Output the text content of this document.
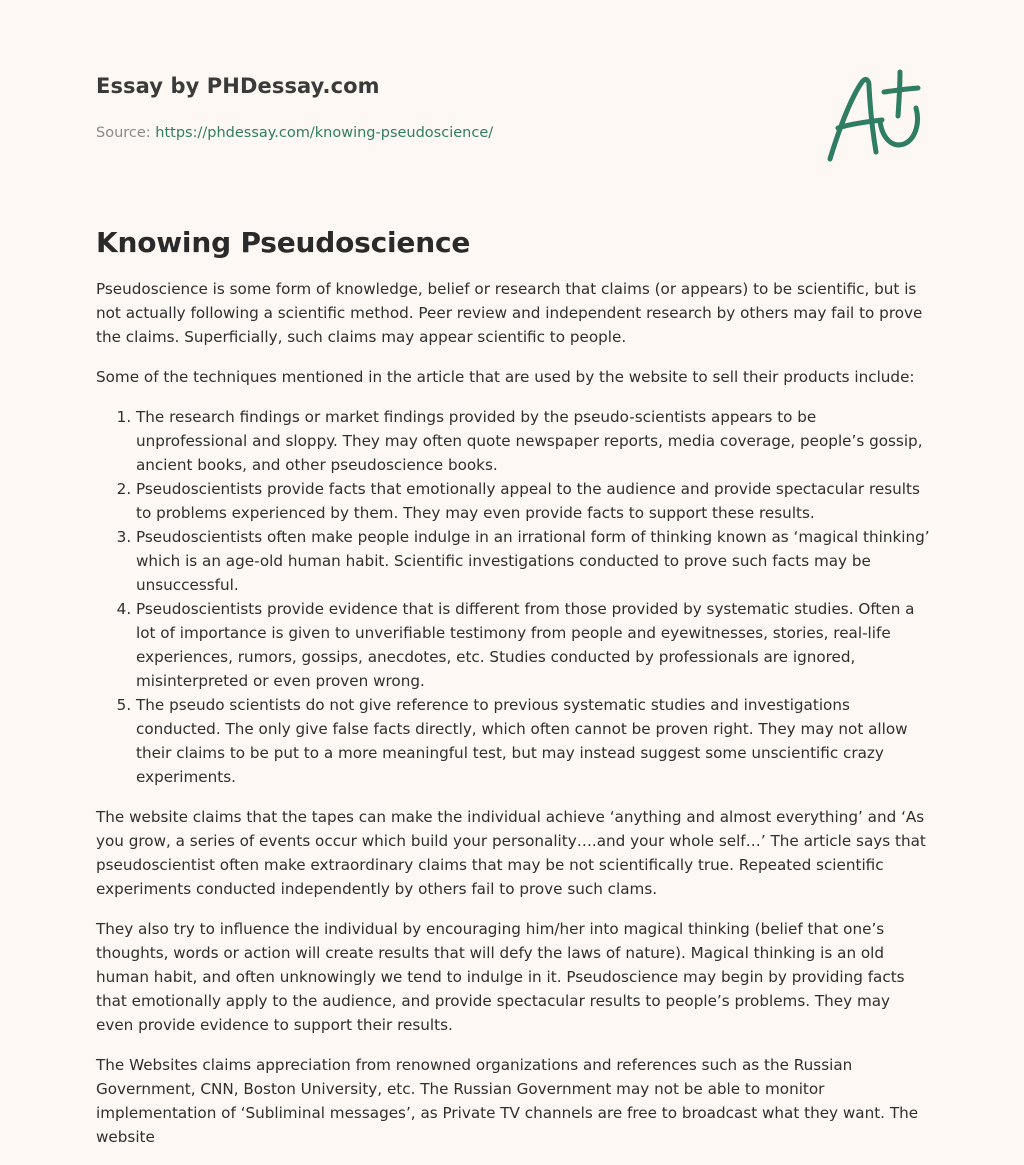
Essay by PHDessay.com
Source: https://phdessay.com/knowing-pseudoscience/
Knowing Pseudoscience

Pseudoscience is some form of knowledge, belief or research that claims (or appears) to be scientific, but is not actually following a scientific method. Peer review and independent research by others may fail to prove the claims. Superficially, such claims may appear scientific to people.

Some of the techniques mentioned in the article that are used by the website to sell their products include:

1. The research findings or market findings provided by the pseudo-scientists appears to be unprofessional and sloppy. They may often quote newspaper reports, media coverage, people’s gossip, ancient books, and other pseudoscience books.
2. Pseudoscientists provide facts that emotionally appeal to the audience and provide spectacular results to problems experienced by them. They may even provide facts to support these results.
3. Pseudoscientists often make people indulge in an irrational form of thinking known as ‘magical thinking’ which is an age-old human habit. Scientific investigations conducted to prove such facts may be unsuccessful.
4. Pseudoscientists provide evidence that is different from those provided by systematic studies. Often a lot of importance is given to unverifiable testimony from people and eyewitnesses, stories, real-life experiences, rumors, gossips, anecdotes, etc. Studies conducted by professionals are ignored, misinterpreted or even proven wrong.
5. The pseudo scientists do not give reference to previous systematic studies and investigations conducted. The only give false facts directly, which often cannot be proven right. They may not allow their claims to be put to a more meaningful test, but may instead suggest some unscientific crazy experiments.

The website claims that the tapes can make the individual achieve ‘anything and almost everything’ and ‘As you grow, a series of events occur which build your personality….and your whole self…’ The article says that pseudoscientist often make extraordinary claims that may be not scientifically true. Repeated scientific experiments conducted independently by others fail to prove such clams.

They also try to influence the individual by encouraging him/her into magical thinking (belief that one’s thoughts, words or action will create results that will defy the laws of nature). Magical thinking is an old human habit, and often unknowingly we tend to indulge in it. Pseudoscience may begin by providing facts that emotionally apply to the audience, and provide spectacular results to people’s problems. They may even provide evidence to support their results.

The Websites claims appreciation from renowned organizations and references such as the Russian Government, CNN, Boston University, etc. The Russian Government may not be able to monitor implementation of ‘Subliminal messages’, as Private TV channels are free to broadcast what they want. The website
